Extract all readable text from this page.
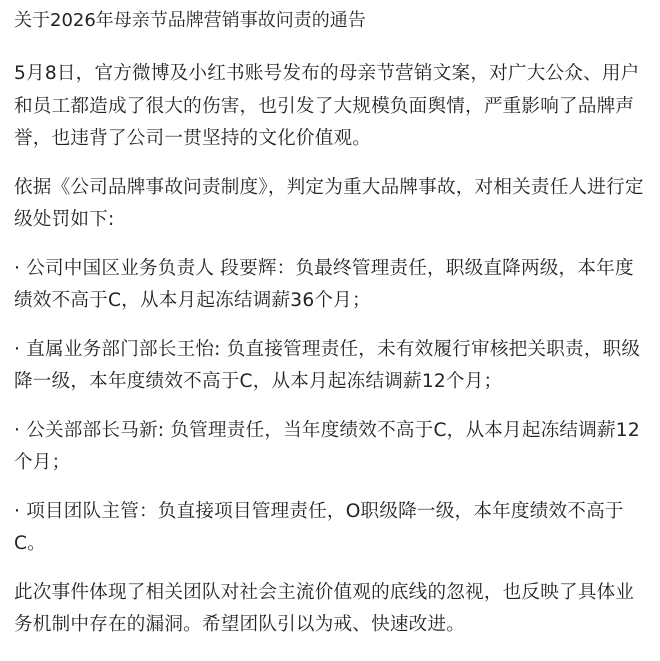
关于2026年母亲节品牌营销事故问责的通告

5月8日，官方微博及小红书账号发布的母亲节营销文案，对广大公众、用户和员工都造成了很大的伤害，也引发了大规模负面舆情，严重影响了品牌声誉，也违背了公司一贯坚持的文化价值观。

依据《公司品牌事故问责制度》，判定为重大品牌事故，对相关责任人进行定级处罚如下:

· 公司中国区业务负责人 段要辉：负最终管理责任，职级直降两级，本年度绩效不高于C，从本月起冻结调薪36个月；

· 直属业务部门部长王怡: 负直接管理责任，未有效履行审核把关职责，职级降一级，本年度绩效不高于C，从本月起冻结调薪12个月；

· 公关部部长马新: 负管理责任，当年度绩效不高于C，从本月起冻结调薪12个月；

· 项目团队主管：负直接项目管理责任，O职级降一级，本年度绩效不高于C。

此次事件体现了相关团队对社会主流价值观的底线的忽视，也反映了具体业务机制中存在的漏洞。希望团队引以为戒、快速改进。
